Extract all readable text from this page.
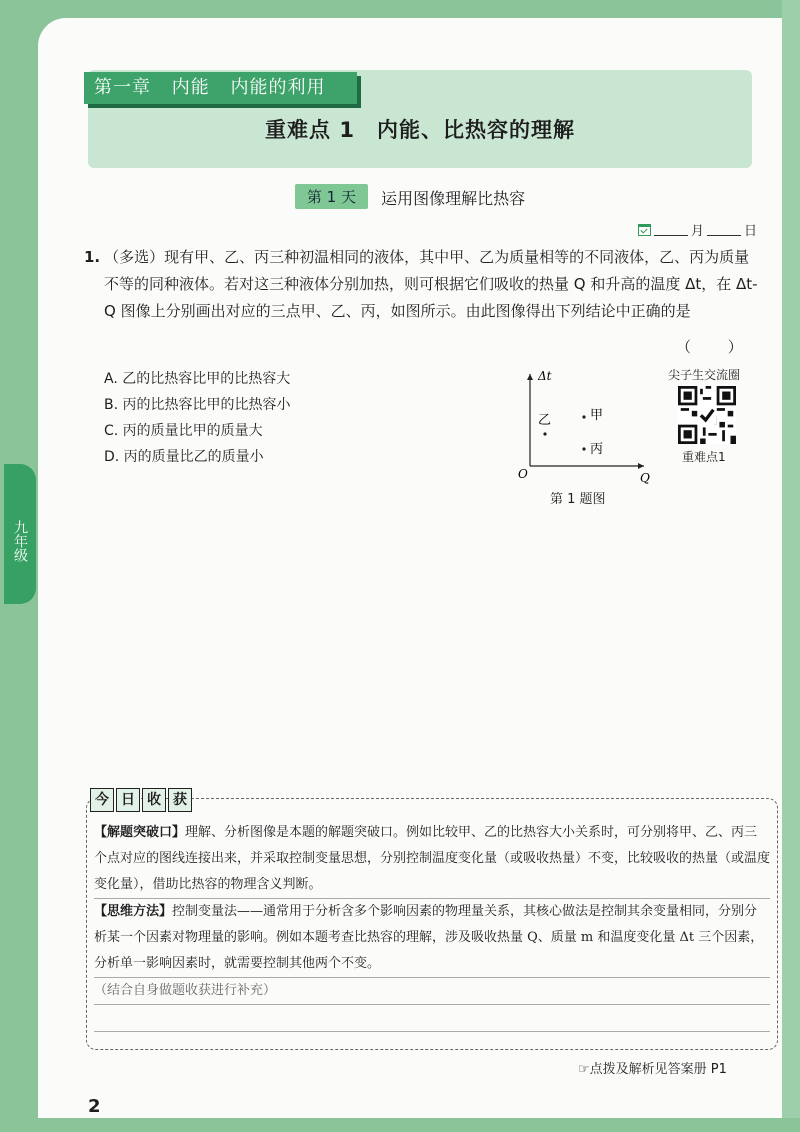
第一章 内能 内能的利用
重难点 1　内能、比热容的理解
第 1 天 运用图像理解比热容
月	日
1. （多选）现有甲、乙、丙三种初温相同的液体，其中甲、乙为质量相等的不同液体，乙、丙为质量不等的同种液体。若对这三种液体分别加热，则可根据它们吸收的热量 Q 和升高的温度 Δt，在 Δt-Q 图像上分别画出对应的三点甲、乙、丙，如图所示。由此图像得出下列结论中正确的是
（ ）
A. 乙的比热容比甲的比热容大
B. 丙的比热容比甲的比热容小
C. 丙的质量比甲的质量大
D. 丙的质量比乙的质量小
Δt
Q
O
乙	甲
丙
第 1 题图
尖子生交流圈
重难点1
今 日 收 获

【解题突破口】理解、分析图像是本题的解题突破口。例如比较甲、乙的比热容大小关系时，可分别将甲、乙、丙三个点对应的图线连接出来，并采取控制变量思想，分别控制温度变化量（或吸收热量）不变，比较吸收的热量（或温度变化量），借助比热容的物理含义判断。

【思维方法】控制变量法——通常用于分析含多个影响因素的物理量关系，其核心做法是控制其余变量相同，分别分析某一个因素对物理量的影响。例如本题考查比热容的理解，涉及吸收热量 Q、质量 m 和温度变化量 Δt 三个因素，分析单一影响因素时，就需要控制其他两个不变。

（结合自身做题收获进行补充）

☞点拨及解析见答案册 P1
2
九年级
